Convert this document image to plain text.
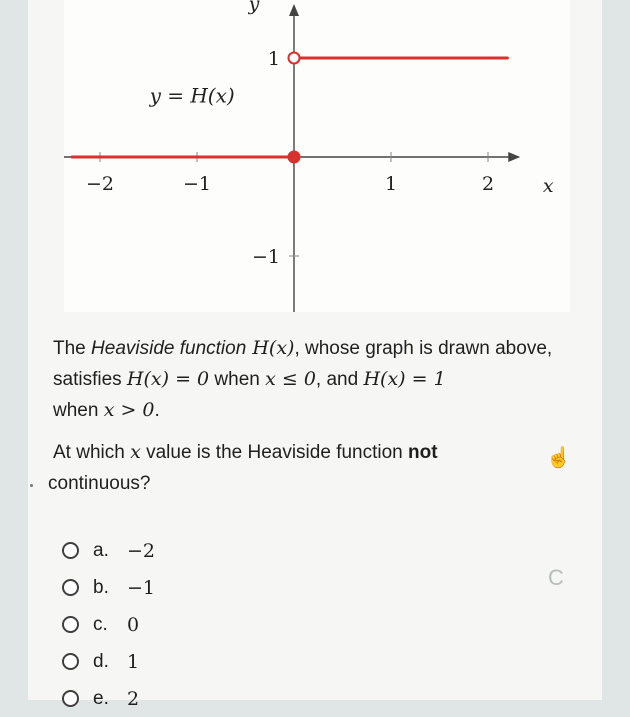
−2	−1	1	2
1
−1
x
y
y = H(x)
The Heaviside function H(x), whose graph is drawn above, satisfies H(x) = 0 when x ≤ 0, and H(x) = 1
when x > 0.
At which x value is the Heaviside function not
continuous?
a. −2
b. −1
c.	0
d. 1
e. 2
☝
C
